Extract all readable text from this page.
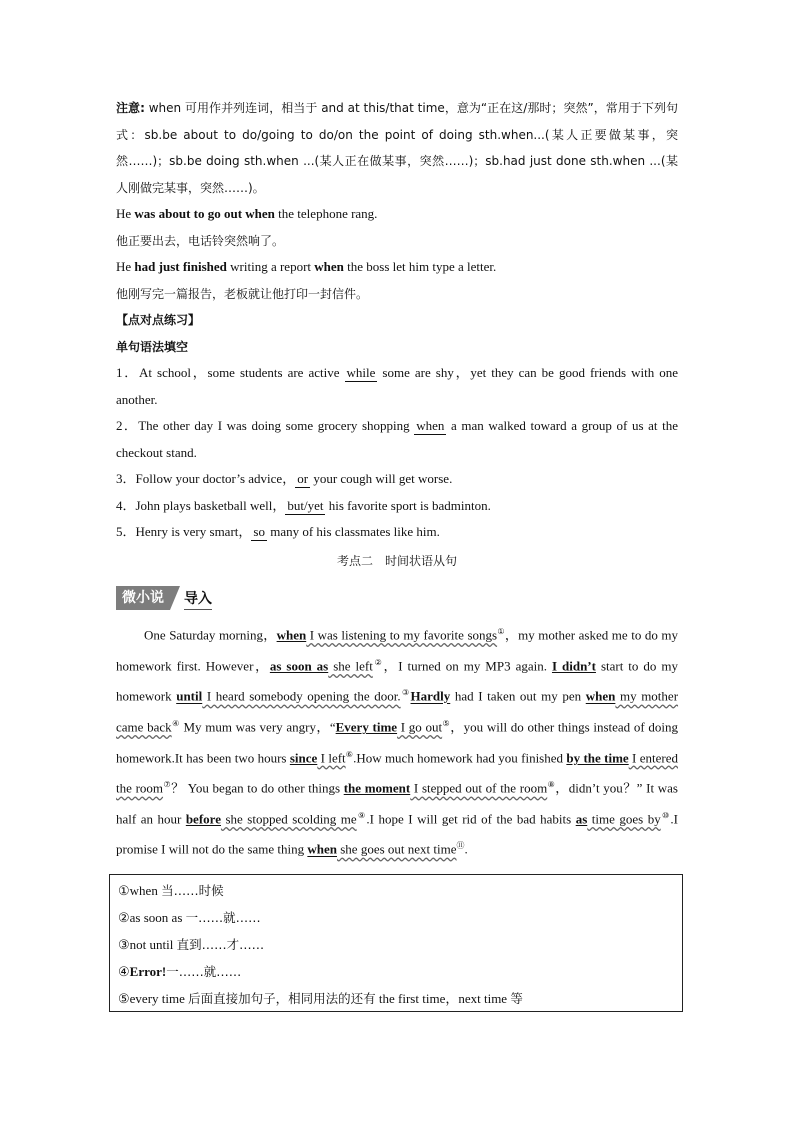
注意: when 可用作并列连词，相当于 and at this/that time，意为“正在这/那时；突然”，常用于下列句式：sb.be about to do/going to do/on the point of doing sth.when...(某人正要做某事，突然……)；sb.be doing sth.when ...(某人正在做某事，突然……)；sb.had just done sth.when ...(某人刚做完某事，突然……)。

He was about to go out when the telephone rang.

他正要出去，电话铃突然响了。

He had just finished writing a report when the boss let him type a letter.

他刚写完一篇报告，老板就让他打印一封信件。

【点对点练习】

单句语法填空

1．At school，some students are active while some are shy，yet they can be good friends with one another.

2．The other day I was doing some grocery shopping when a man walked toward a group of us at the checkout stand.

3．Follow your doctor’s advice， or your cough will get worse.

4．John plays basketball well， but/yet his favorite sport is badminton.

5．Henry is very smart， so many of his classmates like him.

考点二　时间状语从句

微小说	导入

One Saturday morning，when I was listening to my favorite songs①，my mother asked me to do my homework first. However，as soon as she left②，I turned on my MP3 again. I didn’t start to do my homework until I heard somebody opening the door.③Hardly had I taken out my pen when my mother came back④ My mum was very angry，“Every time I go out⑤，you will do other things instead of doing homework.It has been two hours since I left⑥.How much homework had you finished by the time I entered the room⑦？ You began to do other things the moment I stepped out of the room⑧，didn’t you？” It was half an hour before she stopped scolding me⑨.I hope I will get rid of the bad habits as time goes by⑩.I promise I will not do the same thing when she goes out next time⑪.

①when 当……时候

②as soon as 一……就……

③not until 直到……才……

④Error!一……就……

⑤every time 后面直接加句子，相同用法的还有 the first time，next time 等
